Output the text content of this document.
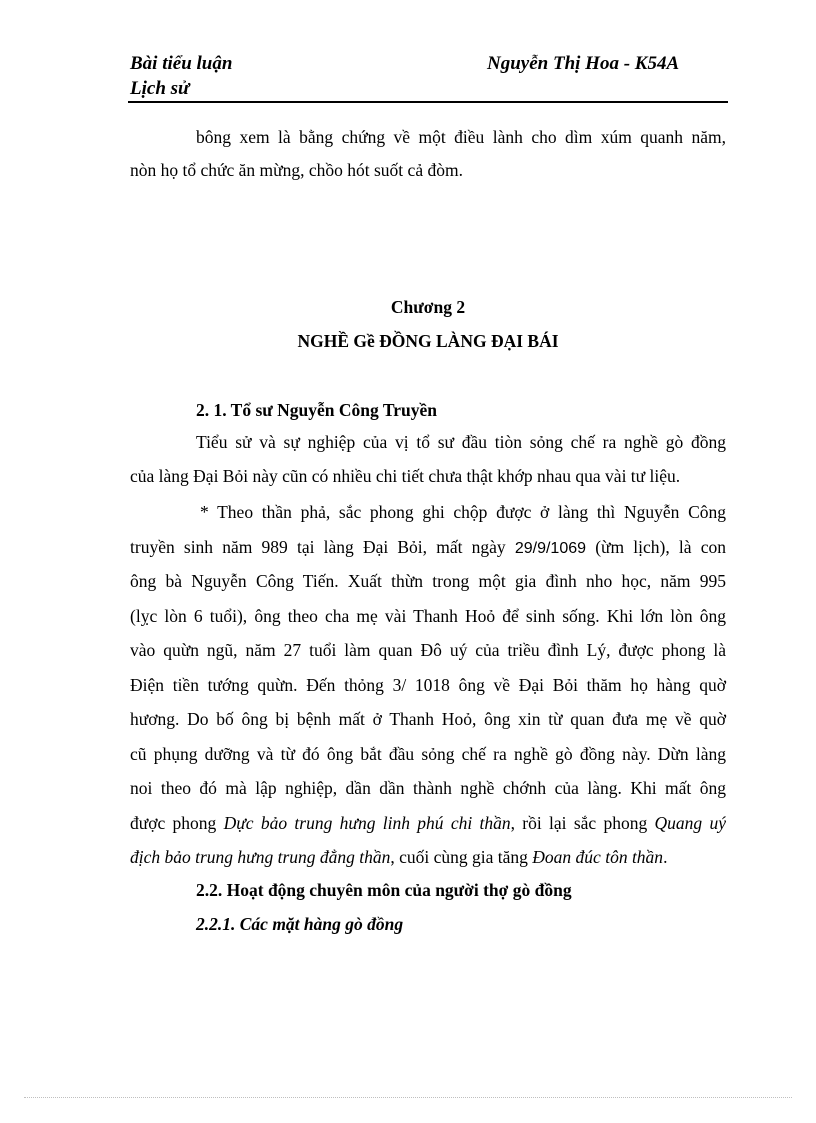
Bài tiểu luận
Lịch sử
Nguyễn Thị Hoa - K54A
bông xem là bằng chứng về một điều lành cho dìm xúm quanh năm,
nòn họ tổ chức ăn mừng, chồo hót suốt cả đòm.
Chương 2
NGHỀ Gề ĐỒNG LÀNG ĐẠI BÁI
2. 1. Tổ sư Nguyễn Công Truyền
Tiểu sử và sự nghiệp của vị tổ sư đầu tiòn sỏng chế ra nghề gò đồng
của làng Đại Bỏi này cũn có nhiều chi tiết chưa thật khớp nhau qua vài tư liệu.
* Theo thần phả, sắc phong ghi chộp được ở làng thì Nguyễn Công
truyền sinh năm 989 tại làng Đại Bỏi, mất ngày 29/9/1069 (ừm lịch), là con
ông bà Nguyễn Công Tiến. Xuất thừn trong một gia đình nho học, năm 995
(lỵc lòn 6 tuổi), ông theo cha mẹ vài Thanh Hoỏ để sinh sống. Khi lớn lòn ông
vào quừn ngũ, năm 27 tuổi làm quan Đô uý của triều đình Lý, được phong là
Điện tiền tướng quừn. Đến thỏng 3/ 1018 ông về Đại Bỏi thăm họ hàng quờ
hương. Do bố ông bị bệnh mất ở Thanh Hoỏ, ông xin từ quan đưa mẹ về quờ
cũ phụng dưỡng và từ đó ông bắt đầu sỏng chế ra nghề gò đồng này. Dừn làng
noi theo đó mà lập nghiệp, dần dần thành nghề chớnh của làng. Khi mất ông
được phong Dực bảo trung hưng linh phú chi thần, rồi lại sắc phong Quang uý
địch bảo trung hưng trung đẳng thần, cuối cùng gia tăng Đoan đúc tôn thần.
2.2. Hoạt động chuyên môn của người thợ gò đồng
2.2.1. Các mặt hàng gò đồng
